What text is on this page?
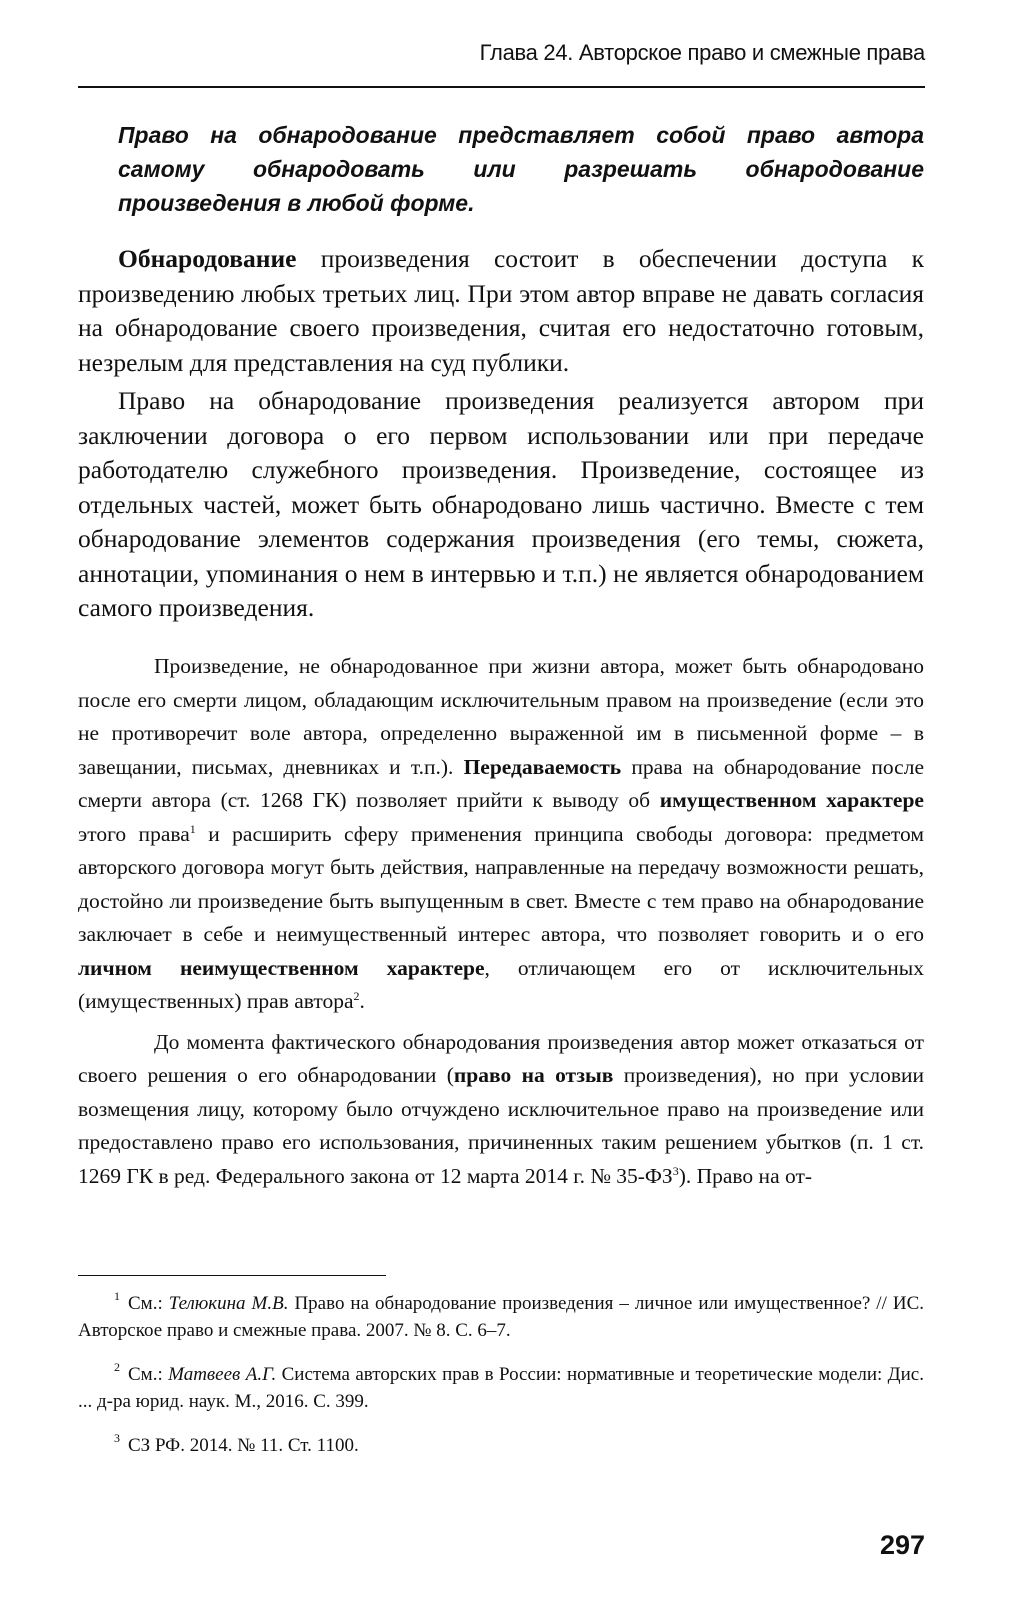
Глава 24. Авторское право и смежные права
Право на обнародование представляет собой право автора самому обнародовать или разрешать обнародование произведения в любой форме.

Обнародование произведения состоит в обеспечении доступа к произведению любых третьих лиц. При этом автор вправе не давать согласия на обнародование своего произведения, считая его недостаточно готовым, незрелым для представления на суд публики.

Право на обнародование произведения реализуется автором при заключении договора о его первом использовании или при передаче работодателю служебного произведения. Произведение, состоящее из отдельных частей, может быть обнародовано лишь частично. Вместе с тем обнародование элементов содержания произведения (его темы, сюжета, аннотации, упоминания о нем в интервью и т.п.) не является обнародованием самого произведения.

Произведение, не обнародованное при жизни автора, может быть обнародовано после его смерти лицом, обладающим исключительным правом на произведение (если это не противоречит воле автора, определенно выраженной им в письменной форме – в завещании, письмах, дневниках и т.п.). Передаваемость права на обнародование после смерти автора (ст. 1268 ГК) позволяет прийти к выводу об имущественном характере этого права$^1$ и расширить сферу применения принципа свободы договора: предметом авторского договора могут быть действия, направленные на передачу возможности решать, достойно ли произведение быть выпущенным в свет. Вместе с тем право на обнародование заключает в себе и неимущественный интерес автора, что позволяет говорить и о его личном неимущественном характере, отличающем его от исключительных (имущественных) прав автора$^2$.

До момента фактического обнародования произведения автор может отказаться от своего решения о его обнародовании (право на отзыв произведения), но при условии возмещения лицу, которому было отчуждено исключительное право на произведение или предоставлено право его использования, причиненных таким решением убытков (п. 1 ст. 1269 ГК в ред. Федерального закона от 12 марта 2014 г. № $35-ФЗ^3$). Право на от-

$^1$ См.: Телюкина М.В. Право на обнародование произведения – личное или имущественное? // ИС. Авторское право и смежные права. 2007. № 8. С. 6–7.

$^2$ См.: Матвеев А.Г. Система авторских прав в России: нормативные и теоретические модели: Дис. ... д-ра юрид. наук. М., 2016. С. 399.

$^3$ СЗ РФ. 2014. № 11. Ст. 1100.

297
